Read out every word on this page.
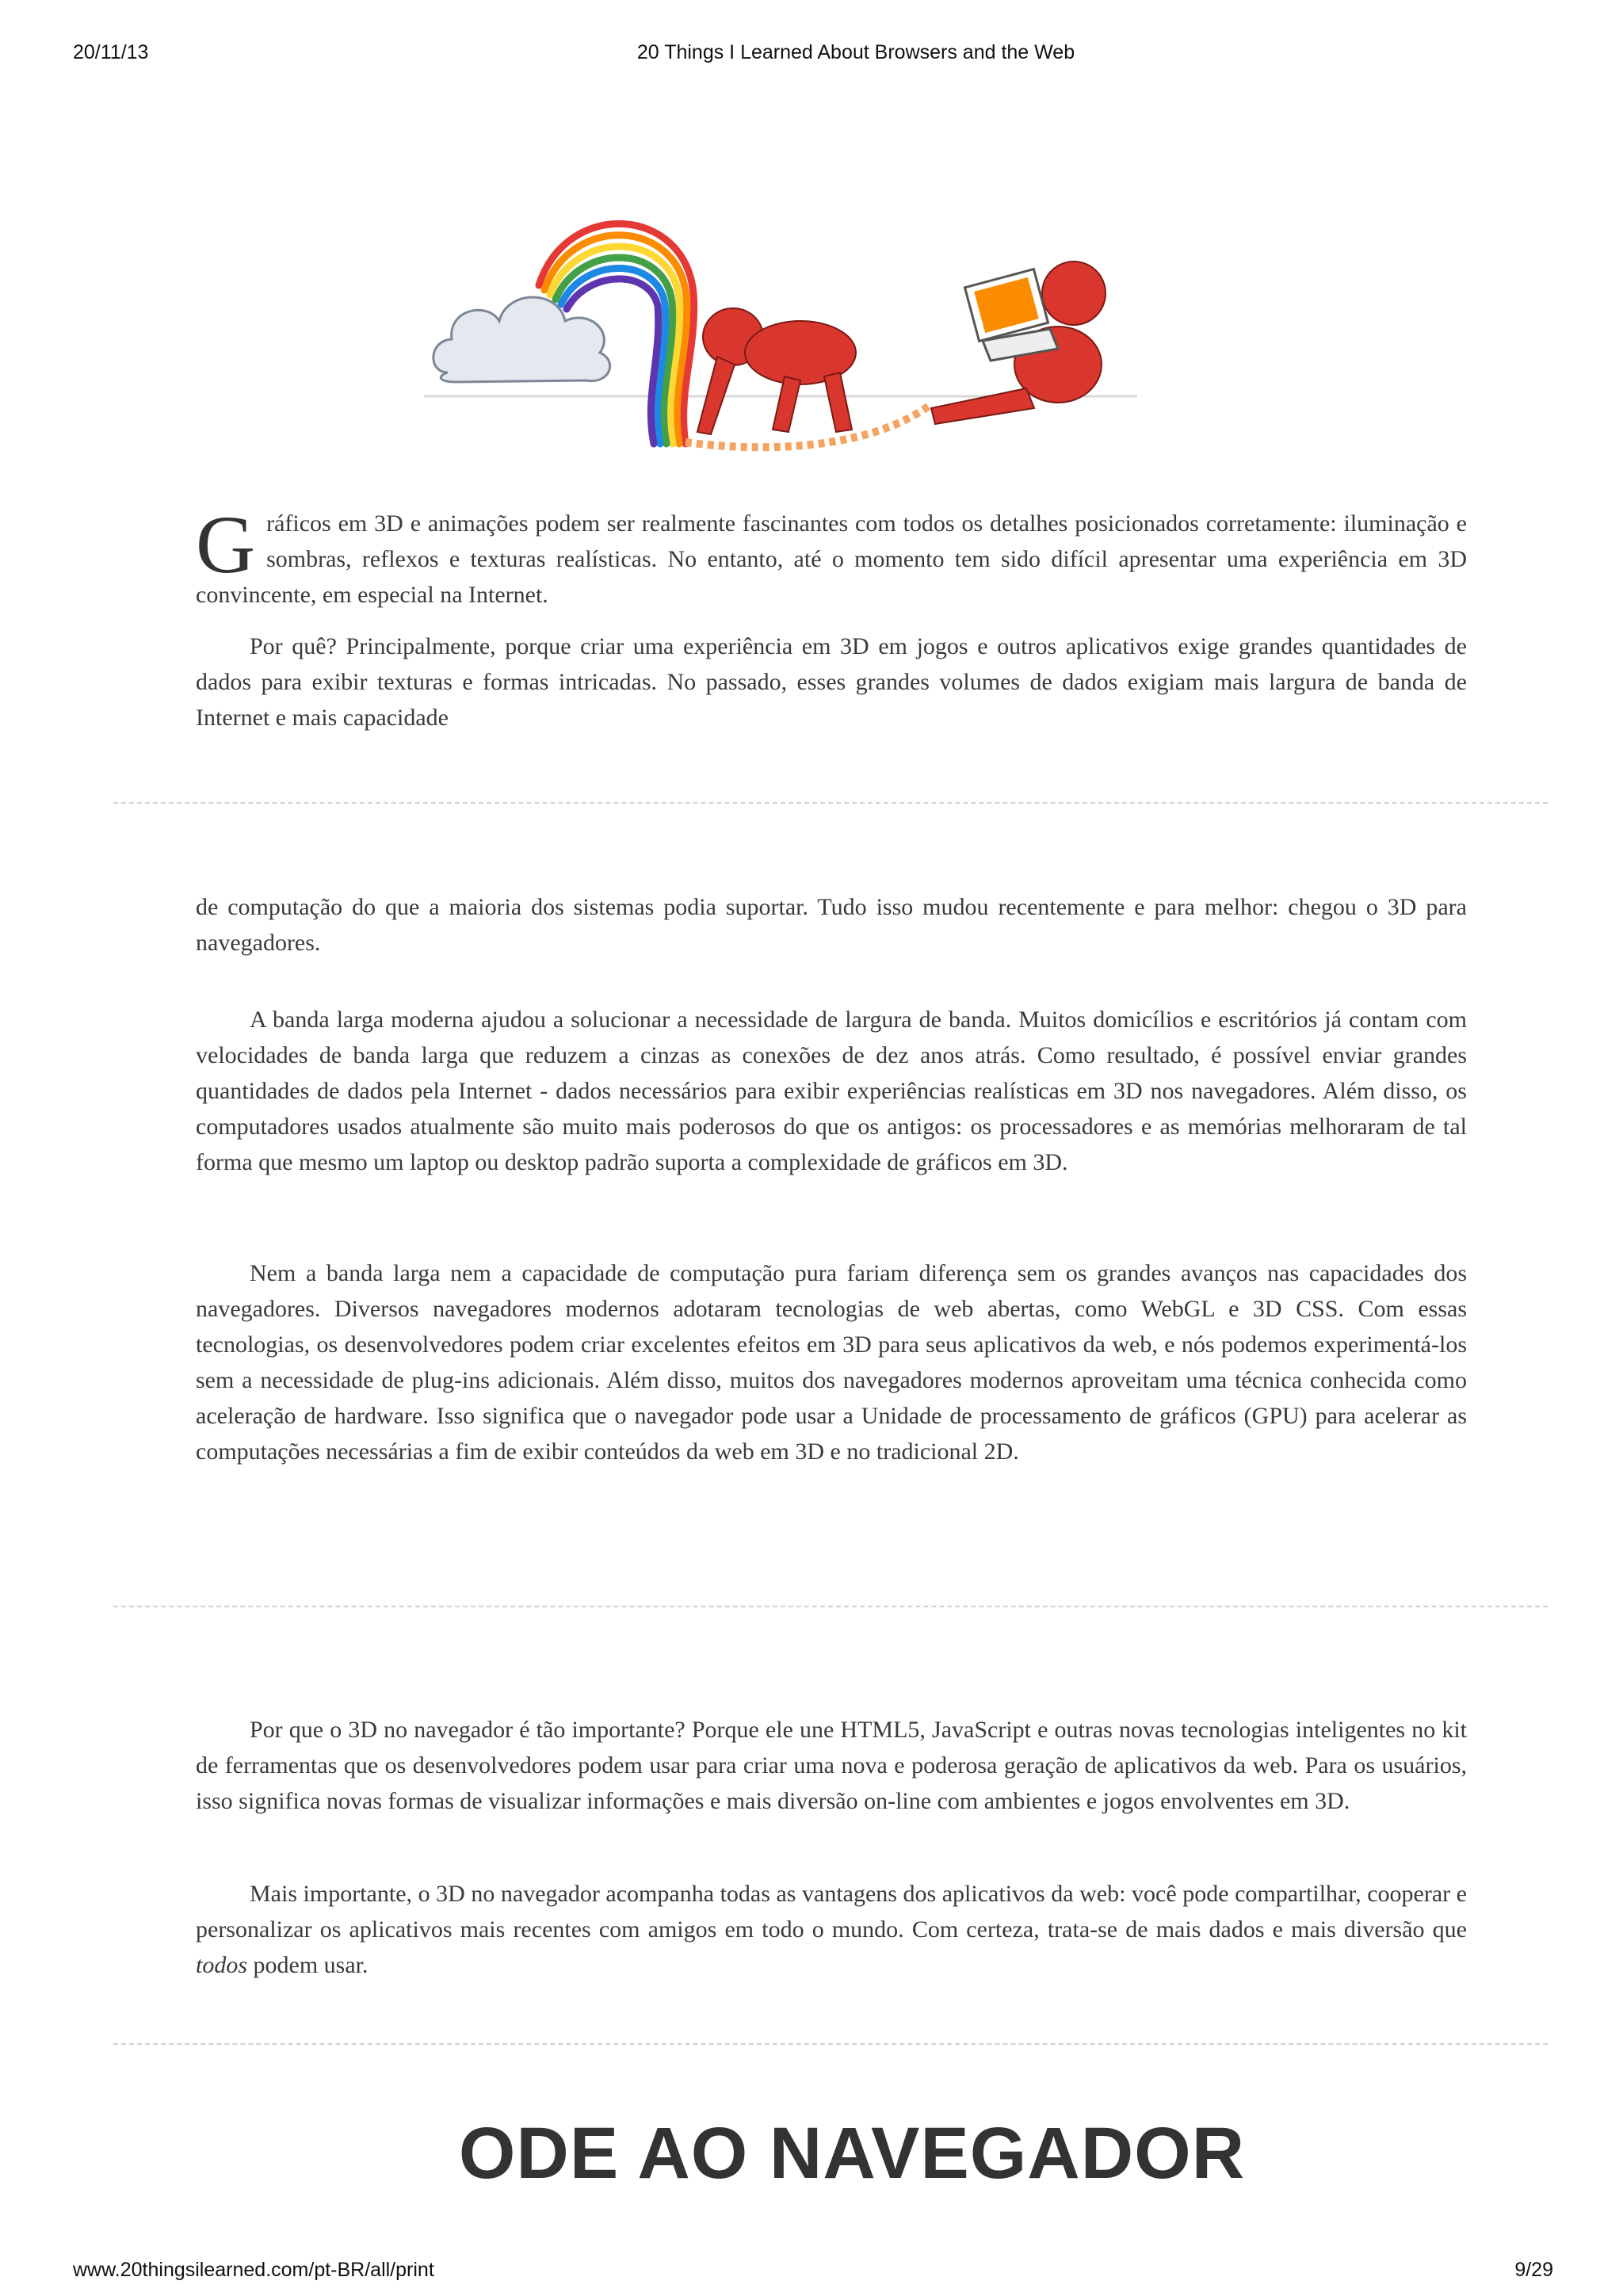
20/11/13	20 Things I Learned About Browsers and the Web
G ráficos em 3D e animações podem ser realmente fascinantes com todos os detalhes posicionados corretamente: iluminação e sombras, reflexos e texturas realísticas. No entanto, até o momento tem sido difícil apresentar uma experiência em 3D convincente, em especial na Internet.

Por quê? Principalmente, porque criar uma experiência em 3D em jogos e outros aplicativos exige grandes quantidades de dados para exibir texturas e formas intricadas. No passado, esses grandes volumes de dados exigiam mais largura de banda de Internet e mais capacidade

de computação do que a maioria dos sistemas podia suportar. Tudo isso mudou recentemente e para melhor: chegou o 3D para navegadores.

A banda larga moderna ajudou a solucionar a necessidade de largura de banda. Muitos domicílios e escritórios já contam com velocidades de banda larga que reduzem a cinzas as conexões de dez anos atrás. Como resultado, é possível enviar grandes quantidades de dados pela Internet - dados necessários para exibir experiências realísticas em 3D nos navegadores. Além disso, os computadores usados atualmente são muito mais poderosos do que os antigos: os processadores e as memórias melhoraram de tal forma que mesmo um laptop ou desktop padrão suporta a complexidade de gráficos em 3D.

Nem a banda larga nem a capacidade de computação pura fariam diferença sem os grandes avanços nas capacidades dos navegadores. Diversos navegadores modernos adotaram tecnologias de web abertas, como WebGL e 3D CSS. Com essas tecnologias, os desenvolvedores podem criar excelentes efeitos em 3D para seus aplicativos da web, e nós podemos experimentá-los sem a necessidade de plug-ins adicionais. Além disso, muitos dos navegadores modernos aproveitam uma técnica conhecida como aceleração de hardware. Isso significa que o navegador pode usar a Unidade de processamento de gráficos (GPU) para acelerar as computações necessárias a fim de exibir conteúdos da web em 3D e no tradicional 2D.

Por que o 3D no navegador é tão importante? Porque ele une HTML5, JavaScript e outras novas tecnologias inteligentes no kit de ferramentas que os desenvolvedores podem usar para criar uma nova e poderosa geração de aplicativos da web. Para os usuários, isso significa novas formas de visualizar informações e mais diversão on-line com ambientes e jogos envolventes em 3D.

Mais importante, o 3D no navegador acompanha todas as vantagens dos aplicativos da web: você pode compartilhar, cooperar e personalizar os aplicativos mais recentes com amigos em todo o mundo. Com certeza, trata-se de mais dados e mais diversão que todos podem usar.

ODE AO NAVEGADOR
www.20thingsilearned.com/pt-BR/all/print	9/29
